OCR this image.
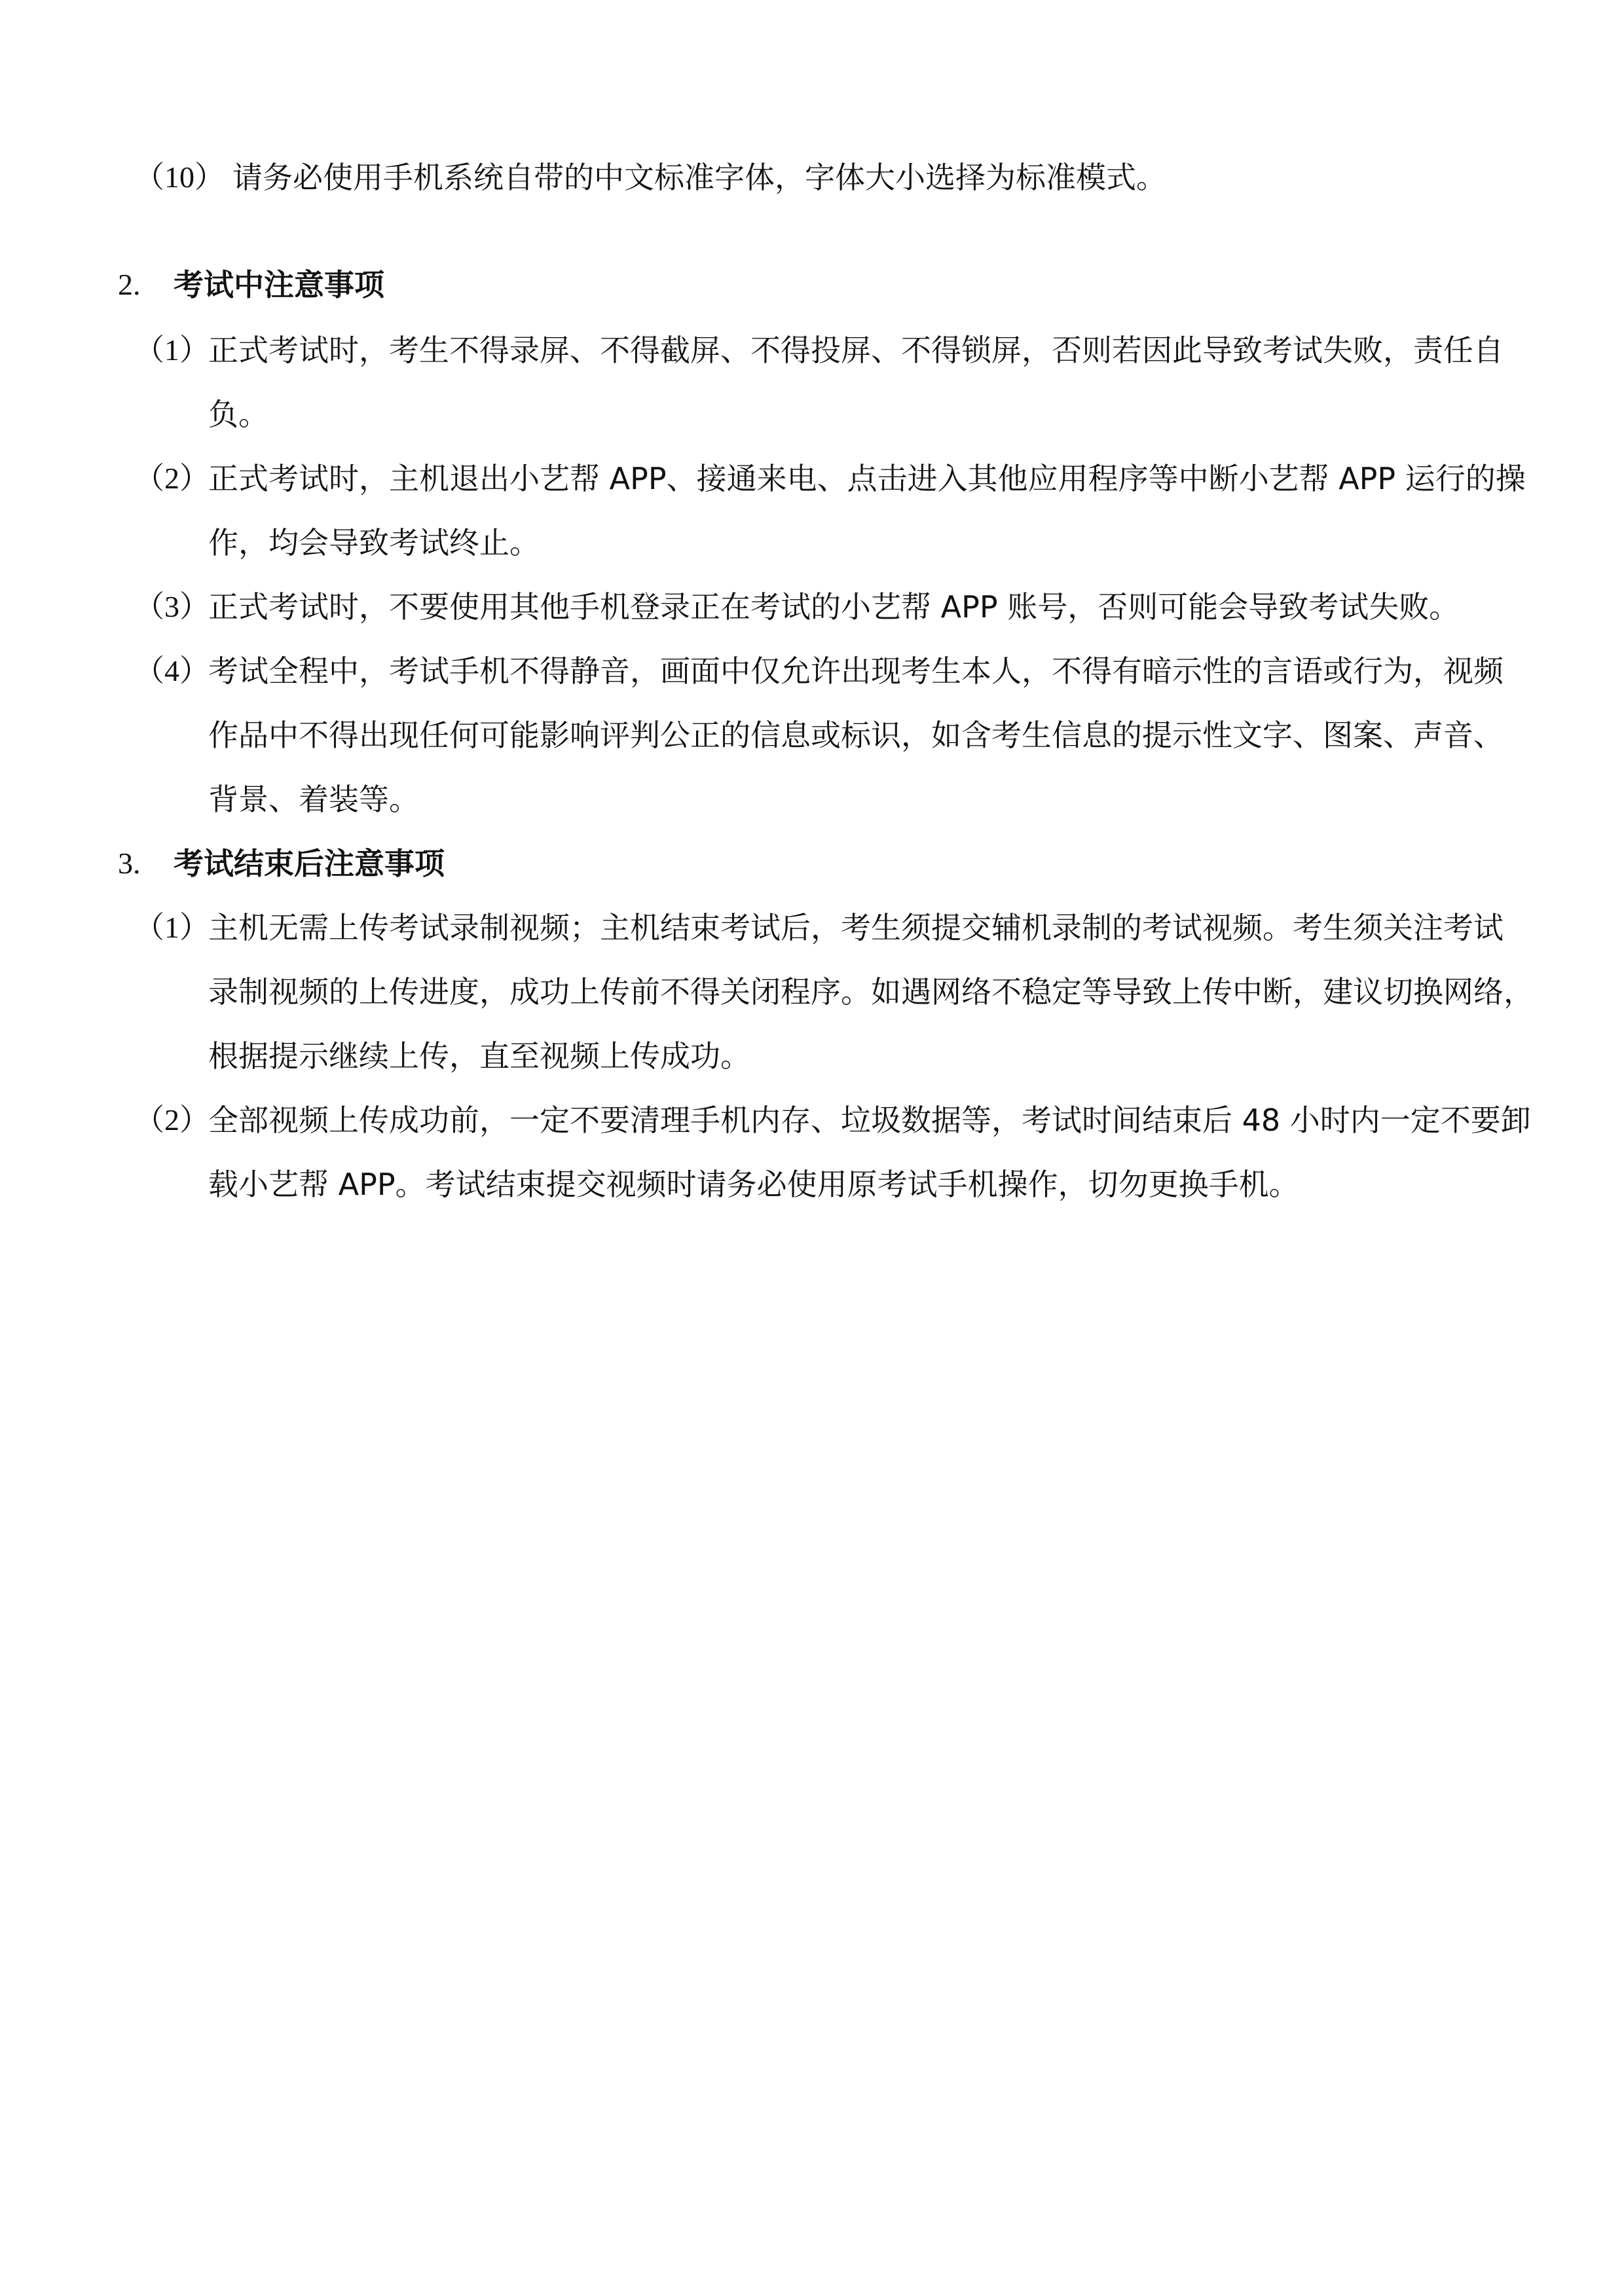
（10） 请务必使用手机系统自带的中文标准字体，字体大小选择为标准模式。
2. 考试中注意事项
（1）
正式考试时，考生不得录屏、不得截屏、不得投屏、不得锁屏，否则若因此导致考试失败，责任自
负。
（2）
正式考试时，主机退出小艺帮 APP、接通来电、点击进入其他应用程序等中断小艺帮 APP 运行的操
作，均会导致考试终止。
（3）
正式考试时，不要使用其他手机登录正在考试的小艺帮 APP 账号，否则可能会导致考试失败。
（4）
考试全程中，考试手机不得静音，画面中仅允许出现考生本人，不得有暗示性的言语或行为，视频
作品中不得出现任何可能影响评判公正的信息或标识，如含考生信息的提示性文字、图案、声音、
背景、着装等。
3. 考试结束后注意事项
（1）
主机无需上传考试录制视频；主机结束考试后，考生须提交辅机录制的考试视频。考生须关注考试
录制视频的上传进度，成功上传前不得关闭程序。如遇网络不稳定等导致上传中断，建议切换网络，
根据提示继续上传，直至视频上传成功。
（2）
全部视频上传成功前，一定不要清理手机内存、垃圾数据等，考试时间结束后 48 小时内一定不要卸
载小艺帮 APP。考试结束提交视频时请务必使用原考试手机操作，切勿更换手机。
